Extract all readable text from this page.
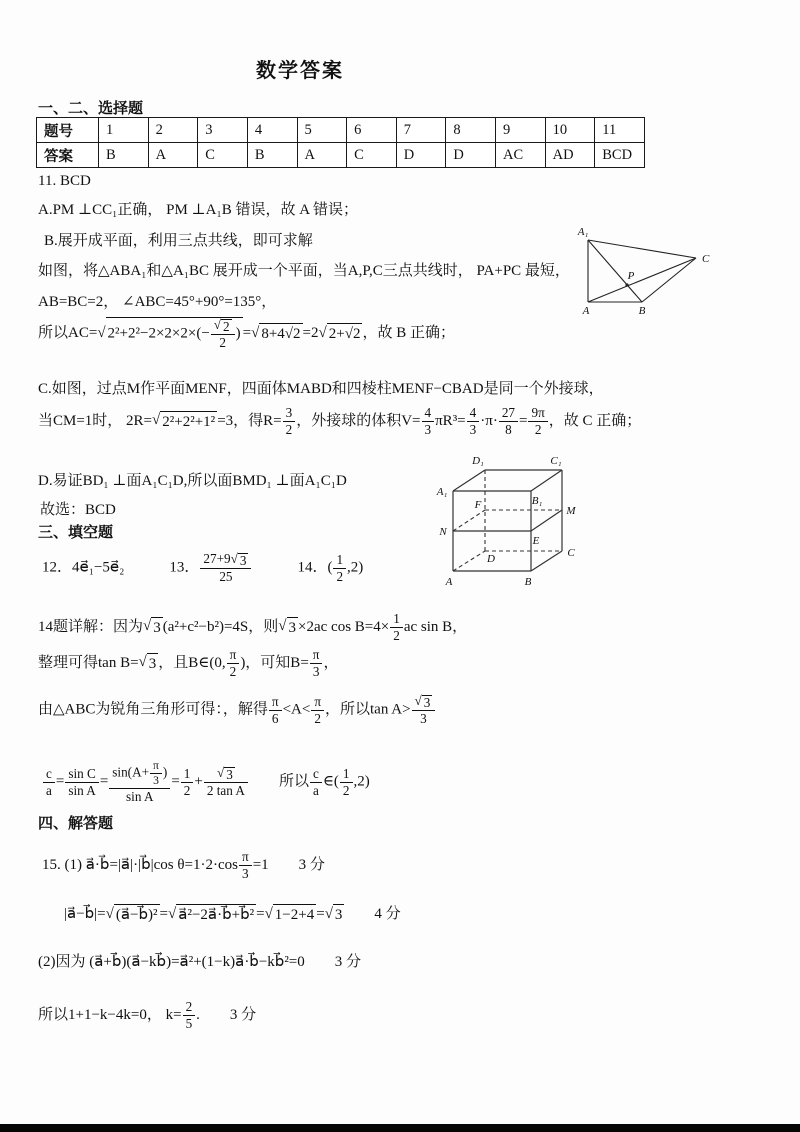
数学答案
一、二、选择题
题号	1	2	3	4	5	6	7	8	9	10	11
答案	B	A	C	B	A	C	D	D	AC	AD	BCD
11. BCD
A.PM ⊥CC₁正确， PM ⊥A₁B 错误，故 A 错误；
B.展开成平面，利用三点共线，即可求解
如图，将△ABA₁和△A₁BC 展开成一个平面，当A,P,C三点共线时， PA+PC 最短，
AB=BC=2， ∠ABC=45°+90°=135°，
所以AC=√ $2^2+2^2-2\times 2\times 2\times(- \frac{√ 2}{2}$ ) =√ 8+4√2 =2√ 2+√2 ，故 B 正确；
C.如图，过点M作平面MENF，四面体MABD和四棱柱MENF−CBAD是同一个外接球，
当CM=1时， 2R=√ 2²+2²+1² =3，得$R= \frac{3}{2}$ ，外接球的体积$V= \frac{4}{3} \pi R^3= \frac{4}{3} \cdot\pi\cdot \frac{27}{8} = \frac{9\pi}{2}$ ，故 C 正确；
D.易证BD₁ ⊥面A₁C₁D,所以面BMD₁ ⊥面A₁C₁D
故选：BCD
三、填空题
12．4e⃗₁−5e⃗₂　　　13． $\frac{27+9√ 3}{25}$ 　　　14．( $\frac{1}{2} ,2$)
14题详解：因为√ 3 (a²+c²−b²)=4S，则√ 3 ×2ac $\cos B=4\times \frac{1}{2}$ ac sin B，
整理可得tan B=√ 3 ，且B∈(0, $\frac{\pi}{2}$ )，可知$B= \frac{\pi}{3}$ ，
由△ABC为锐角三角形可得：，解得 $\frac{\pi}{6} <A< \frac{\pi}{2}$ ，所以$\tan A> \frac{√ 3}{3}$
$\frac{c}{a} = \frac{\text{sin C}}{\text{sin A}} = \frac{\sin(A+ \frac{\pi}{3} )}{\text{sin A}} = \frac{1}{2} + \frac{√ 3}{\text{2 tan A}}$ 　　所以 $\frac{c}{a}$ ∈( $\frac{1}{2} ,2$)
四、解答题
15. (1) a⃗·b⃗=|a⃗|·|b⃗|cos $\theta=1\cdot 2\cdot\cos \frac{\pi}{3} =1$　　3 分
|a⃗−b⃗|=√ (a⃗−b⃗)² =√ a⃗²−2a⃗·b⃗+b⃗² =√ 1−2+4 =√ 3　　4 分
(2)因为 (a⃗+b⃗)(a⃗−kb⃗)=a⃗²+(1−k)a⃗·b⃗−kb⃗²=0　　3 分
所以1+1−k−4k=0， $k= \frac{2}{5}$ .　　3 分
A₁
C
P
A	B
D₁	C₁
A₁
B₁
F	M
N
E
D	C
A	B
